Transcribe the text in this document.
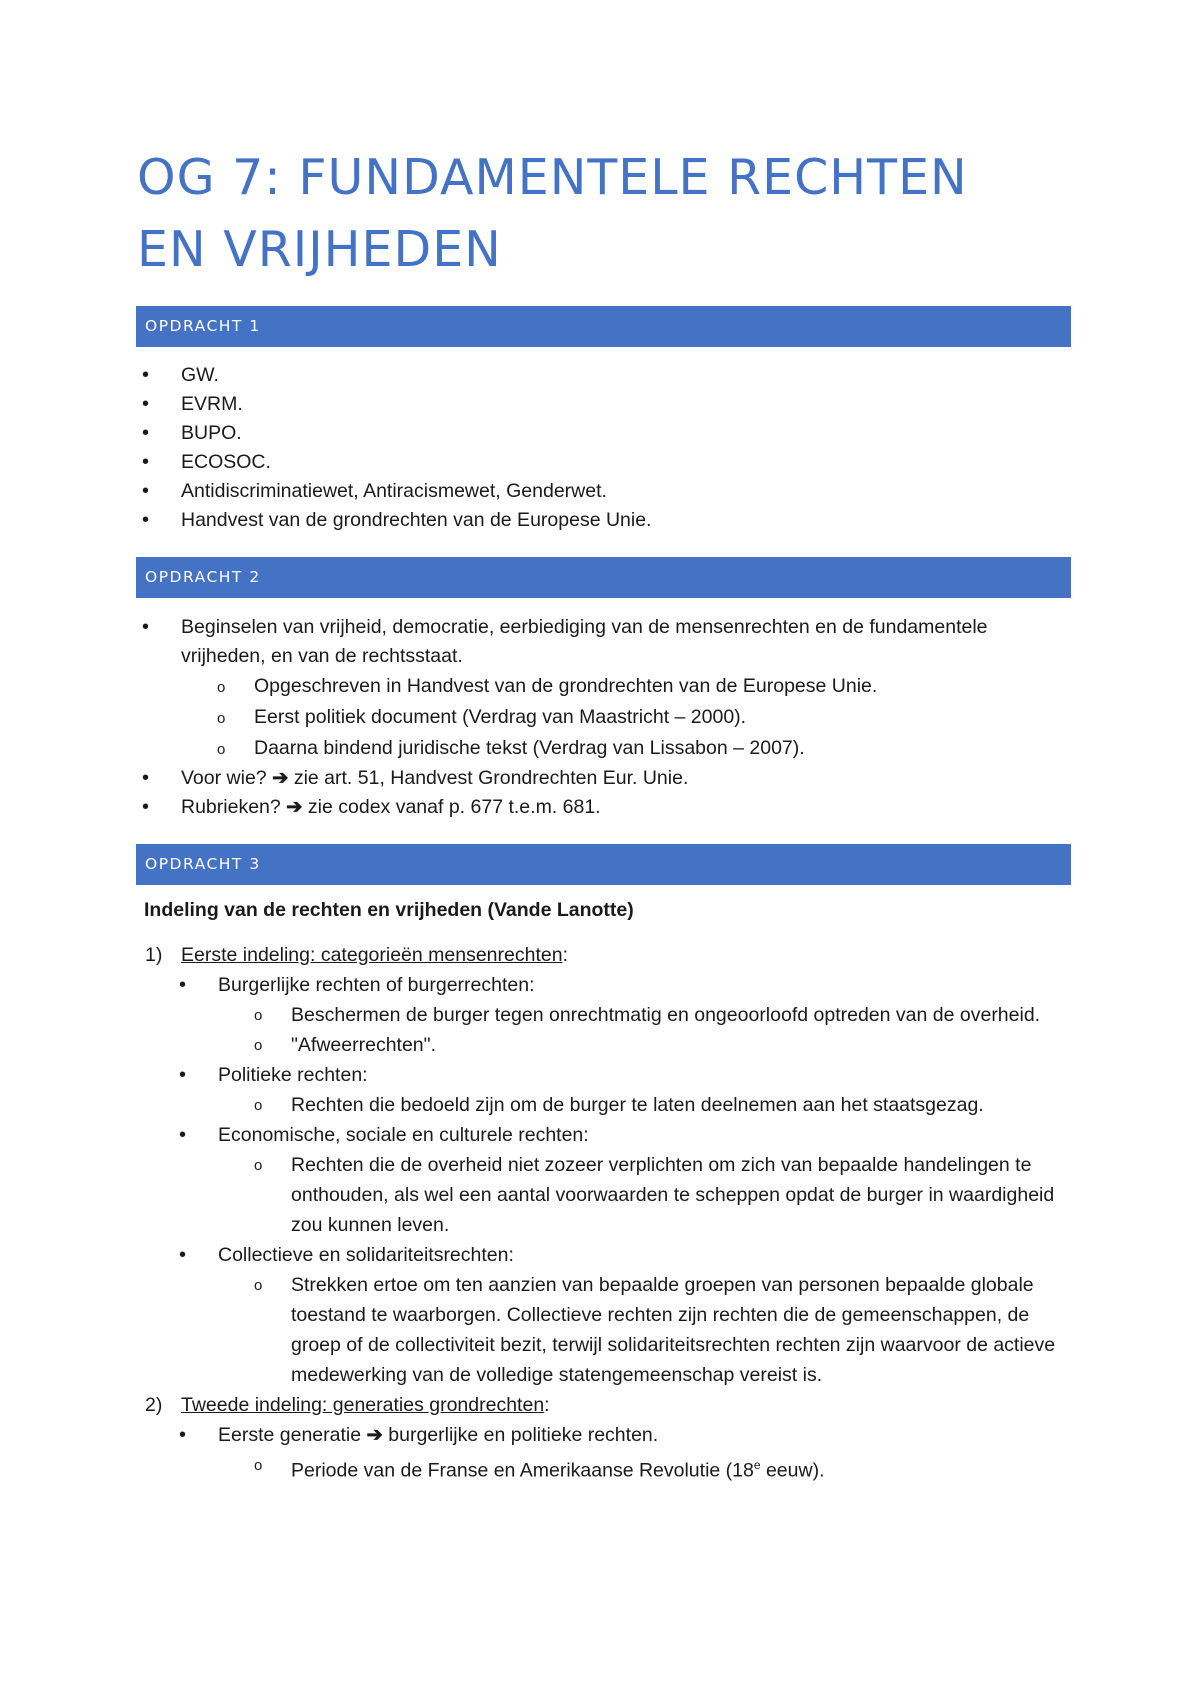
OG 7: FUNDAMENTELE RECHTEN
EN VRIJHEDEN
OPDRACHT 1
• GW.
• EVRM.
• BUPO.
• ECOSOC.
• Antidiscriminatiewet, Antiracismewet, Genderwet.
• Handvest van de grondrechten van de Europese Unie.
OPDRACHT 2
• Beginselen van vrijheid, democratie, eerbiediging van de mensenrechten en de fundamentele vrijheden, en van de rechtsstaat.
o Opgeschreven in Handvest van de grondrechten van de Europese Unie.
o Eerst politiek document (Verdrag van Maastricht – 2000).
o Daarna bindend juridische tekst (Verdrag van Lissabon – 2007).
• Voor wie? ➔ zie art. 51, Handvest Grondrechten Eur. Unie.
• Rubrieken? ➔ zie codex vanaf p. 677 t.e.m. 681.
OPDRACHT 3
Indeling van de rechten en vrijheden (Vande Lanotte)
1) Eerste indeling: categorieën mensenrechten:
• Burgerlijke rechten of burgerrechten:
o Beschermen de burger tegen onrechtmatig en ongeoorloofd optreden van de overheid.
o "Afweerrechten".
• Politieke rechten:
o Rechten die bedoeld zijn om de burger te laten deelnemen aan het staatsgezag.
• Economische, sociale en culturele rechten:
o Rechten die de overheid niet zozeer verplichten om zich van bepaalde handelingen te onthouden, als wel een aantal voorwaarden te scheppen opdat de burger in waardigheid zou kunnen leven.
• Collectieve en solidariteitsrechten:
o Strekken ertoe om ten aanzien van bepaalde groepen van personen bepaalde globale toestand te waarborgen. Collectieve rechten zijn rechten die de gemeenschappen, de groep of de collectiviteit bezit, terwijl solidariteitsrechten rechten zijn waarvoor de actieve medewerking van de volledige statengemeenschap vereist is.
2) Tweede indeling: generaties grondrechten:
• Eerste generatie ➔ burgerlijke en politieke rechten.
o Periode van de Franse en Amerikaanse Revolutie (18e eeuw).
